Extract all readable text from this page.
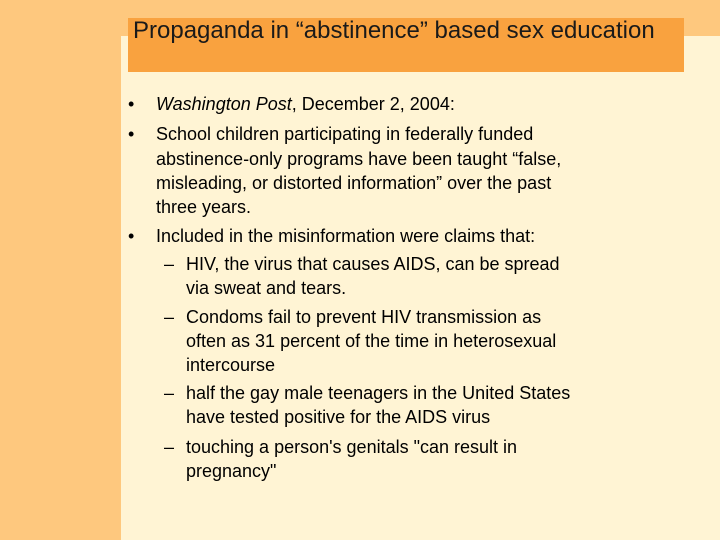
Propaganda in “abstinence” based sex education
• Washington Post, December 2, 2004:
• School children participating in federally funded
abstinence-only programs have been taught “false,
misleading, or distorted information” over the past
three years.
• Included in the misinformation were claims that:
– HIV, the virus that causes AIDS, can be spread
via sweat and tears.
– Condoms fail to prevent HIV transmission as
often as 31 percent of the time in heterosexual
intercourse
– half the gay male teenagers in the United States
have tested positive for the AIDS virus
– touching a person's genitals "can result in
pregnancy"
